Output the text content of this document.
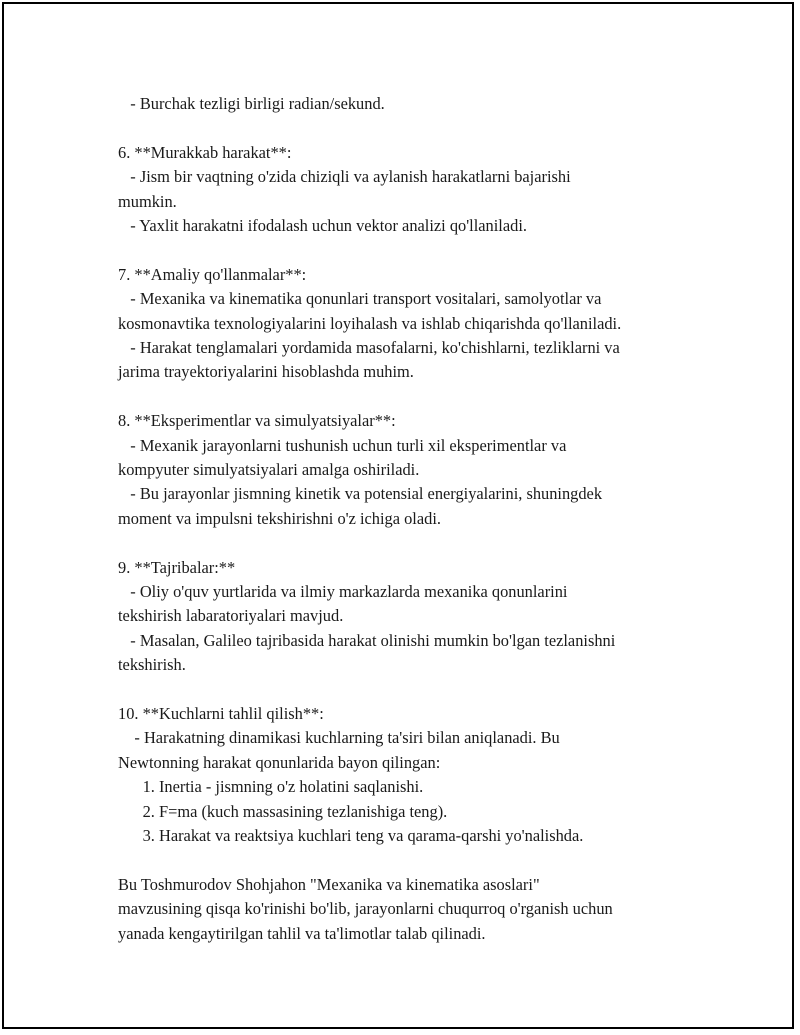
- Burchak tezligi birligi radian/sekund.
6. **Murakkab harakat**:
- Jism bir vaqtning o'zida chiziqli va aylanish harakatlarni bajarishi
mumkin.
- Yaxlit harakatni ifodalash uchun vektor analizi qo'llaniladi.
7. **Amaliy qo'llanmalar**:
- Mexanika va kinematika qonunlari transport vositalari, samolyotlar va
kosmonavtika texnologiyalarini loyihalash va ishlab chiqarishda qo'llaniladi.
- Harakat tenglamalari yordamida masofalarni, ko'chishlarni, tezliklarni va
jarima trayektoriyalarini hisoblashda muhim.
8. **Eksperimentlar va simulyatsiyalar**:
- Mexanik jarayonlarni tushunish uchun turli xil eksperimentlar va
kompyuter simulyatsiyalari amalga oshiriladi.
- Bu jarayonlar jismning kinetik va potensial energiyalarini, shuningdek
moment va impulsni tekshirishni o'z ichiga oladi.
9. **Tajribalar:**
- Oliy o'quv yurtlarida va ilmiy markazlarda mexanika qonunlarini
tekshirish labaratoriyalari mavjud.
- Masalan, Galileo tajribasida harakat olinishi mumkin bo'lgan tezlanishni
tekshirish.
10. **Kuchlarni tahlil qilish**:
- Harakatning dinamikasi kuchlarning ta'siri bilan aniqlanadi. Bu
Newtonning harakat qonunlarida bayon qilingan:
1. Inertia - jismning o'z holatini saqlanishi.
2. F=ma (kuch massasining tezlanishiga teng).
3. Harakat va reaktsiya kuchlari teng va qarama-qarshi yo'nalishda.
Bu Toshmurodov Shohjahon "Mexanika va kinematika asoslari"
mavzusining qisqa ko'rinishi bo'lib, jarayonlarni chuqurroq o'rganish uchun
yanada kengaytirilgan tahlil va ta'limotlar talab qilinadi.
